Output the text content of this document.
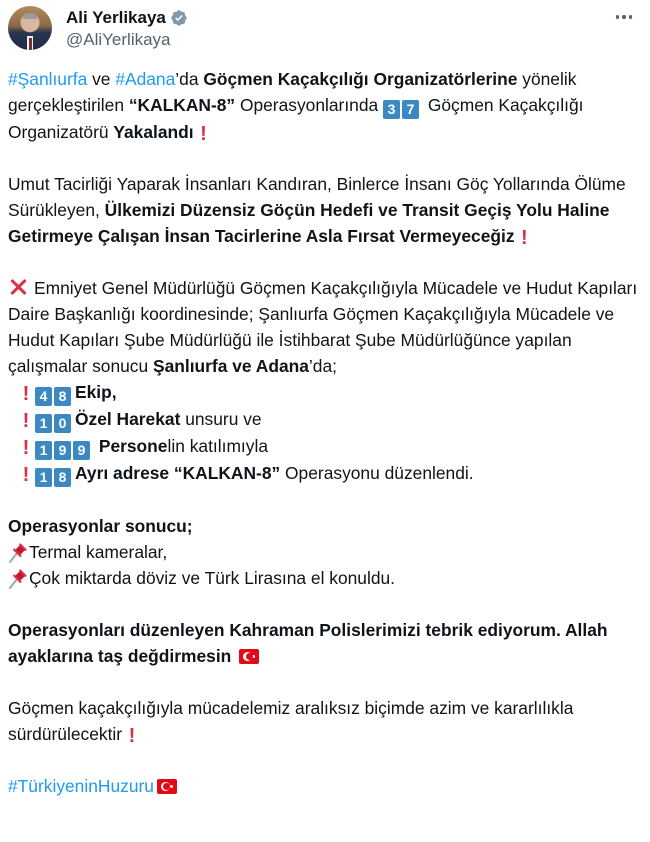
Ali Yerlikaya
@AliYerlikaya

#Şanlıurfa ve #Adana’da Göçmen Kaçakçılığı Organizatörlerine yönelik gerçekleştirilen “KALKAN-8” Operasyonlarında 3 7 Göçmen Kaçakçılığı Organizatörü Yakalandı !

Umut Tacirliği Yaparak İnsanları Kandıran, Binlerce İnsanı Göç Yollarında Ölüme Sürükleyen, Ülkemizi Düzensiz Göçün Hedefi ve Transit Geçiş Yolu Haline Getirmeye Çalışan İnsan Tacirlerine Asla Fırsat Vermeyeceğiz !

Emniyet Genel Müdürlüğü Göçmen Kaçakçılığıyla Mücadele ve Hudut Kapıları Daire Başkanlığı koordinesinde; Şanlıurfa Göçmen Kaçakçılığıyla Mücadele ve Hudut Kapıları Şube Müdürlüğü ile İstihbarat Şube Müdürlüğünce yapılan çalışmalar sonucu Şanlıurfa ve Adana’da;

! 4 8 Ekip,
! 1 0 Özel Harekat unsuru ve
! 1 9 9 Personelin katılımıyla
! 1 8 Ayrı adrese “KALKAN-8” Operasyonu düzenlendi.

Operasyonlar sonucu;

Termal kameralar,
Çok miktarda döviz ve Türk Lirasına el konuldu.

Operasyonları düzenleyen Kahraman Polislerimizi tebrik ediyorum. Allah ayaklarına taş değdirmesin

Göçmen kaçakçılığıyla mücadelemiz aralıksız biçimde azim ve kararlılıkla sürdürülecektir !

#TürkiyeninHuzuru
